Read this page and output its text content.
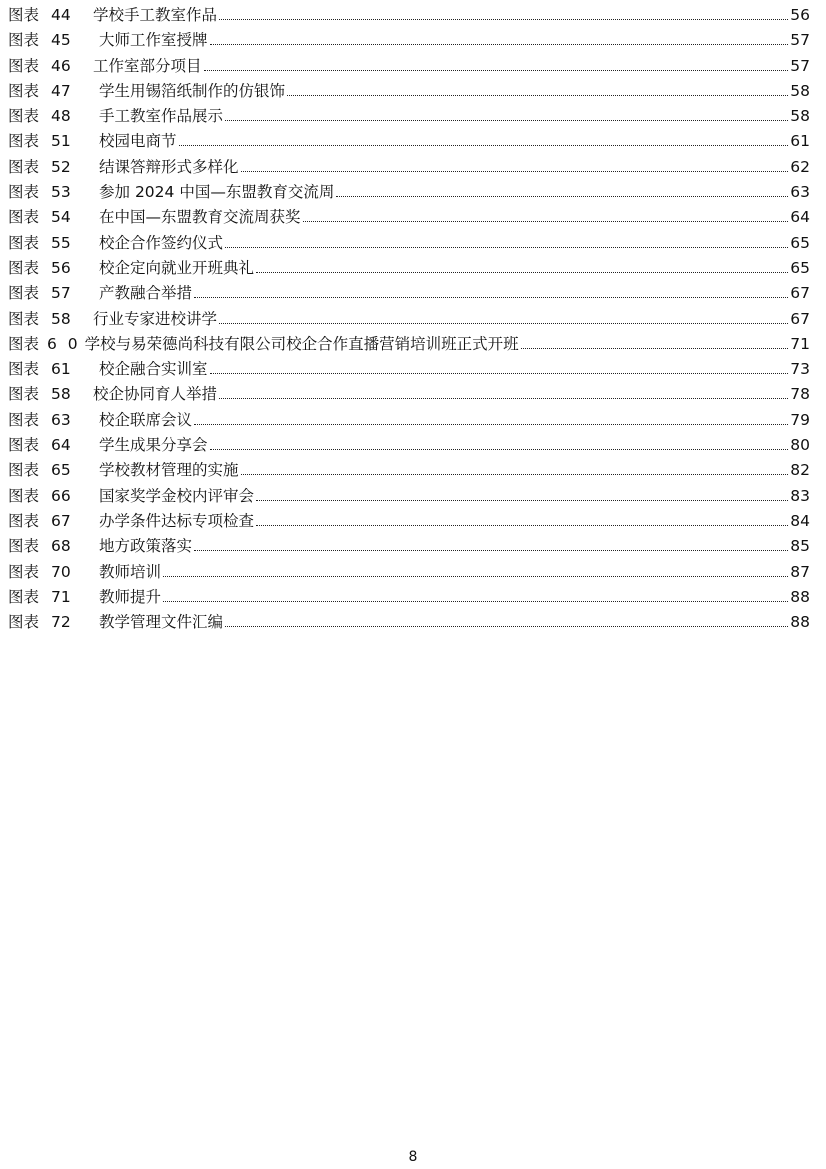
图表 44	学校手工教室作品	56
图表 45	大师工作室授牌	57
图表 46	工作室部分项目	57
图表 47	学生用锡箔纸制作的仿银饰	58
图表 48	手工教室作品展示	58
图表 51	校园电商节	61
图表 52	结课答辩形式多样化	62
图表 53	参加 2024 中国—东盟教育交流周	63
图表 54	在中国—东盟教育交流周获奖	64
图表 55	校企合作签约仪式	65
图表 56	校企定向就业开班典礼	65
图表 57	产教融合举措	67
图表 58	行业专家进校讲学	67
图表 6 0 学校与易荣德尚科技有限公司校企合作直播营销培训班正式开班	71
图表 61	校企融合实训室	73
图表 58	校企协同育人举措	78
图表 63	校企联席会议	79
图表 64	学生成果分享会	80
图表 65	学校教材管理的实施	82
图表 66	国家奖学金校内评审会	83
图表 67	办学条件达标专项检查	84
图表 68	地方政策落实	85
图表 70	教师培训	87
图表 71	教师提升	88
图表 72	教学管理文件汇编	88
8
